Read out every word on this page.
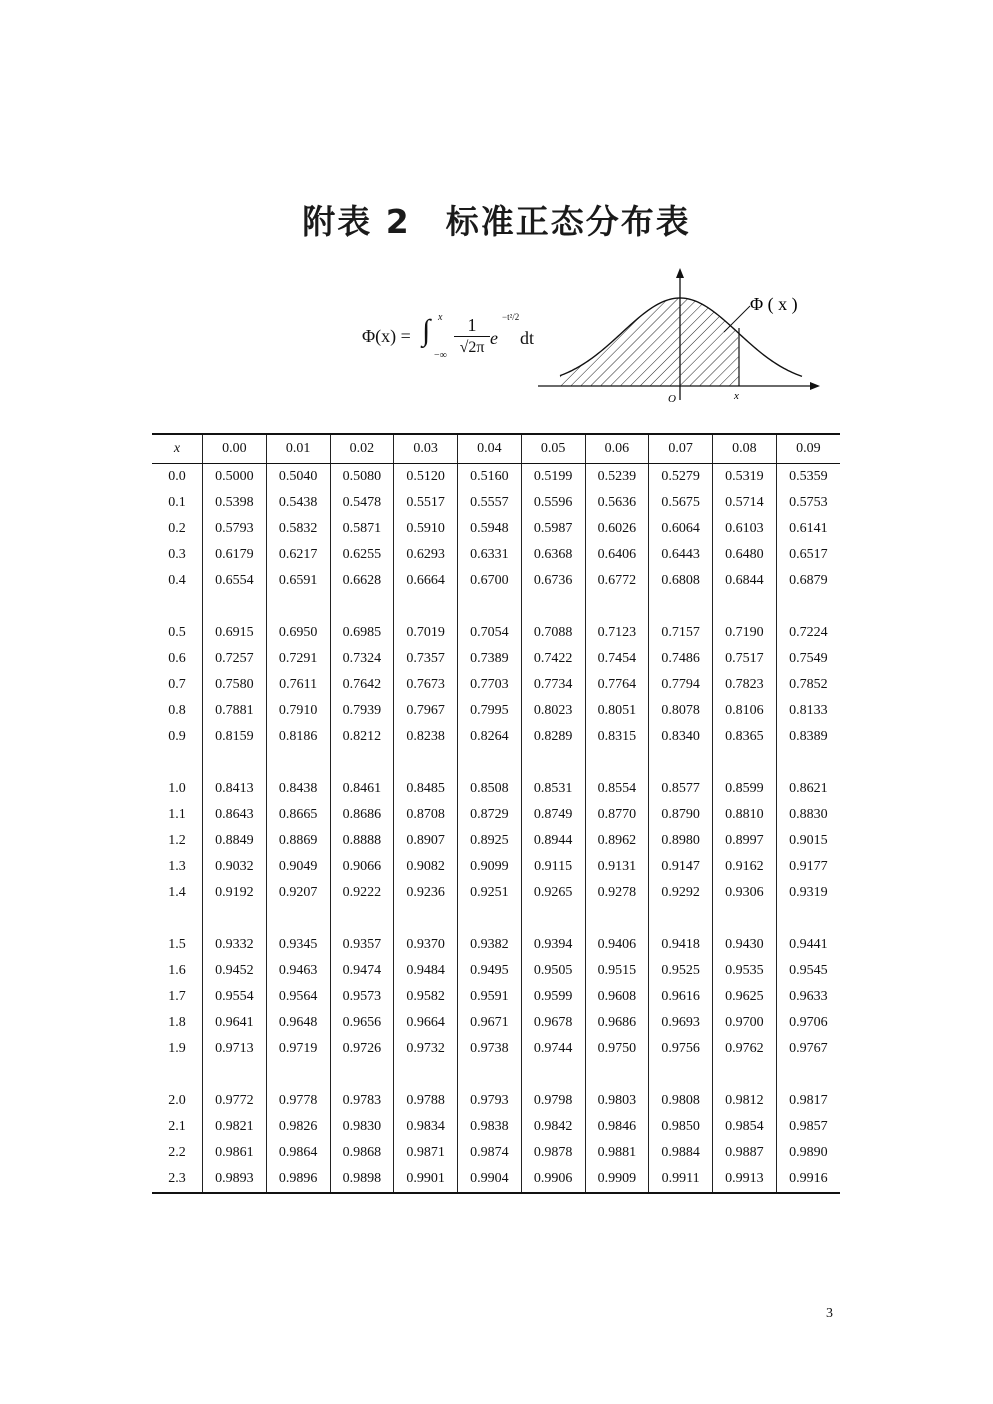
附表 2　标准正态分布表
Φ(x) = ∫ x
−∞ $\frac{1}{√2\pi}$ e
−t²/2
dt
Φ ( x )
O	x
x	0.00	0.01	0.02	0.03	0.04	0.05	0.06	0.07	0.08	0.09
0.0	0.5000	0.5040	0.5080	0.5120	0.5160	0.5199	0.5239	0.5279	0.5319	0.5359
0.1	0.5398	0.5438	0.5478	0.5517	0.5557	0.5596	0.5636	0.5675	0.5714	0.5753
0.2	0.5793	0.5832	0.5871	0.5910	0.5948	0.5987	0.6026	0.6064	0.6103	0.6141
0.3	0.6179	0.6217	0.6255	0.6293	0.6331	0.6368	0.6406	0.6443	0.6480	0.6517
0.4	0.6554	0.6591	0.6628	0.6664	0.6700	0.6736	0.6772	0.6808	0.6844	0.6879

0.5	0.6915	0.6950	0.6985	0.7019	0.7054	0.7088	0.7123	0.7157	0.7190	0.7224
0.6	0.7257	0.7291	0.7324	0.7357	0.7389	0.7422	0.7454	0.7486	0.7517	0.7549
0.7	0.7580	0.7611	0.7642	0.7673	0.7703	0.7734	0.7764	0.7794	0.7823	0.7852
0.8	0.7881	0.7910	0.7939	0.7967	0.7995	0.8023	0.8051	0.8078	0.8106	0.8133
0.9	0.8159	0.8186	0.8212	0.8238	0.8264	0.8289	0.8315	0.8340	0.8365	0.8389

1.0	0.8413	0.8438	0.8461	0.8485	0.8508	0.8531	0.8554	0.8577	0.8599	0.8621
1.1	0.8643	0.8665	0.8686	0.8708	0.8729	0.8749	0.8770	0.8790	0.8810	0.8830
1.2	0.8849	0.8869	0.8888	0.8907	0.8925	0.8944	0.8962	0.8980	0.8997	0.9015
1.3	0.9032	0.9049	0.9066	0.9082	0.9099	0.9115	0.9131	0.9147	0.9162	0.9177
1.4	0.9192	0.9207	0.9222	0.9236	0.9251	0.9265	0.9278	0.9292	0.9306	0.9319

1.5	0.9332	0.9345	0.9357	0.9370	0.9382	0.9394	0.9406	0.9418	0.9430	0.9441
1.6	0.9452	0.9463	0.9474	0.9484	0.9495	0.9505	0.9515	0.9525	0.9535	0.9545
1.7	0.9554	0.9564	0.9573	0.9582	0.9591	0.9599	0.9608	0.9616	0.9625	0.9633
1.8	0.9641	0.9648	0.9656	0.9664	0.9671	0.9678	0.9686	0.9693	0.9700	0.9706
1.9	0.9713	0.9719	0.9726	0.9732	0.9738	0.9744	0.9750	0.9756	0.9762	0.9767

2.0	0.9772	0.9778	0.9783	0.9788	0.9793	0.9798	0.9803	0.9808	0.9812	0.9817
2.1	0.9821	0.9826	0.9830	0.9834	0.9838	0.9842	0.9846	0.9850	0.9854	0.9857
2.2	0.9861	0.9864	0.9868	0.9871	0.9874	0.9878	0.9881	0.9884	0.9887	0.9890
2.3	0.9893	0.9896	0.9898	0.9901	0.9904	0.9906	0.9909	0.9911	0.9913	0.9916
3
